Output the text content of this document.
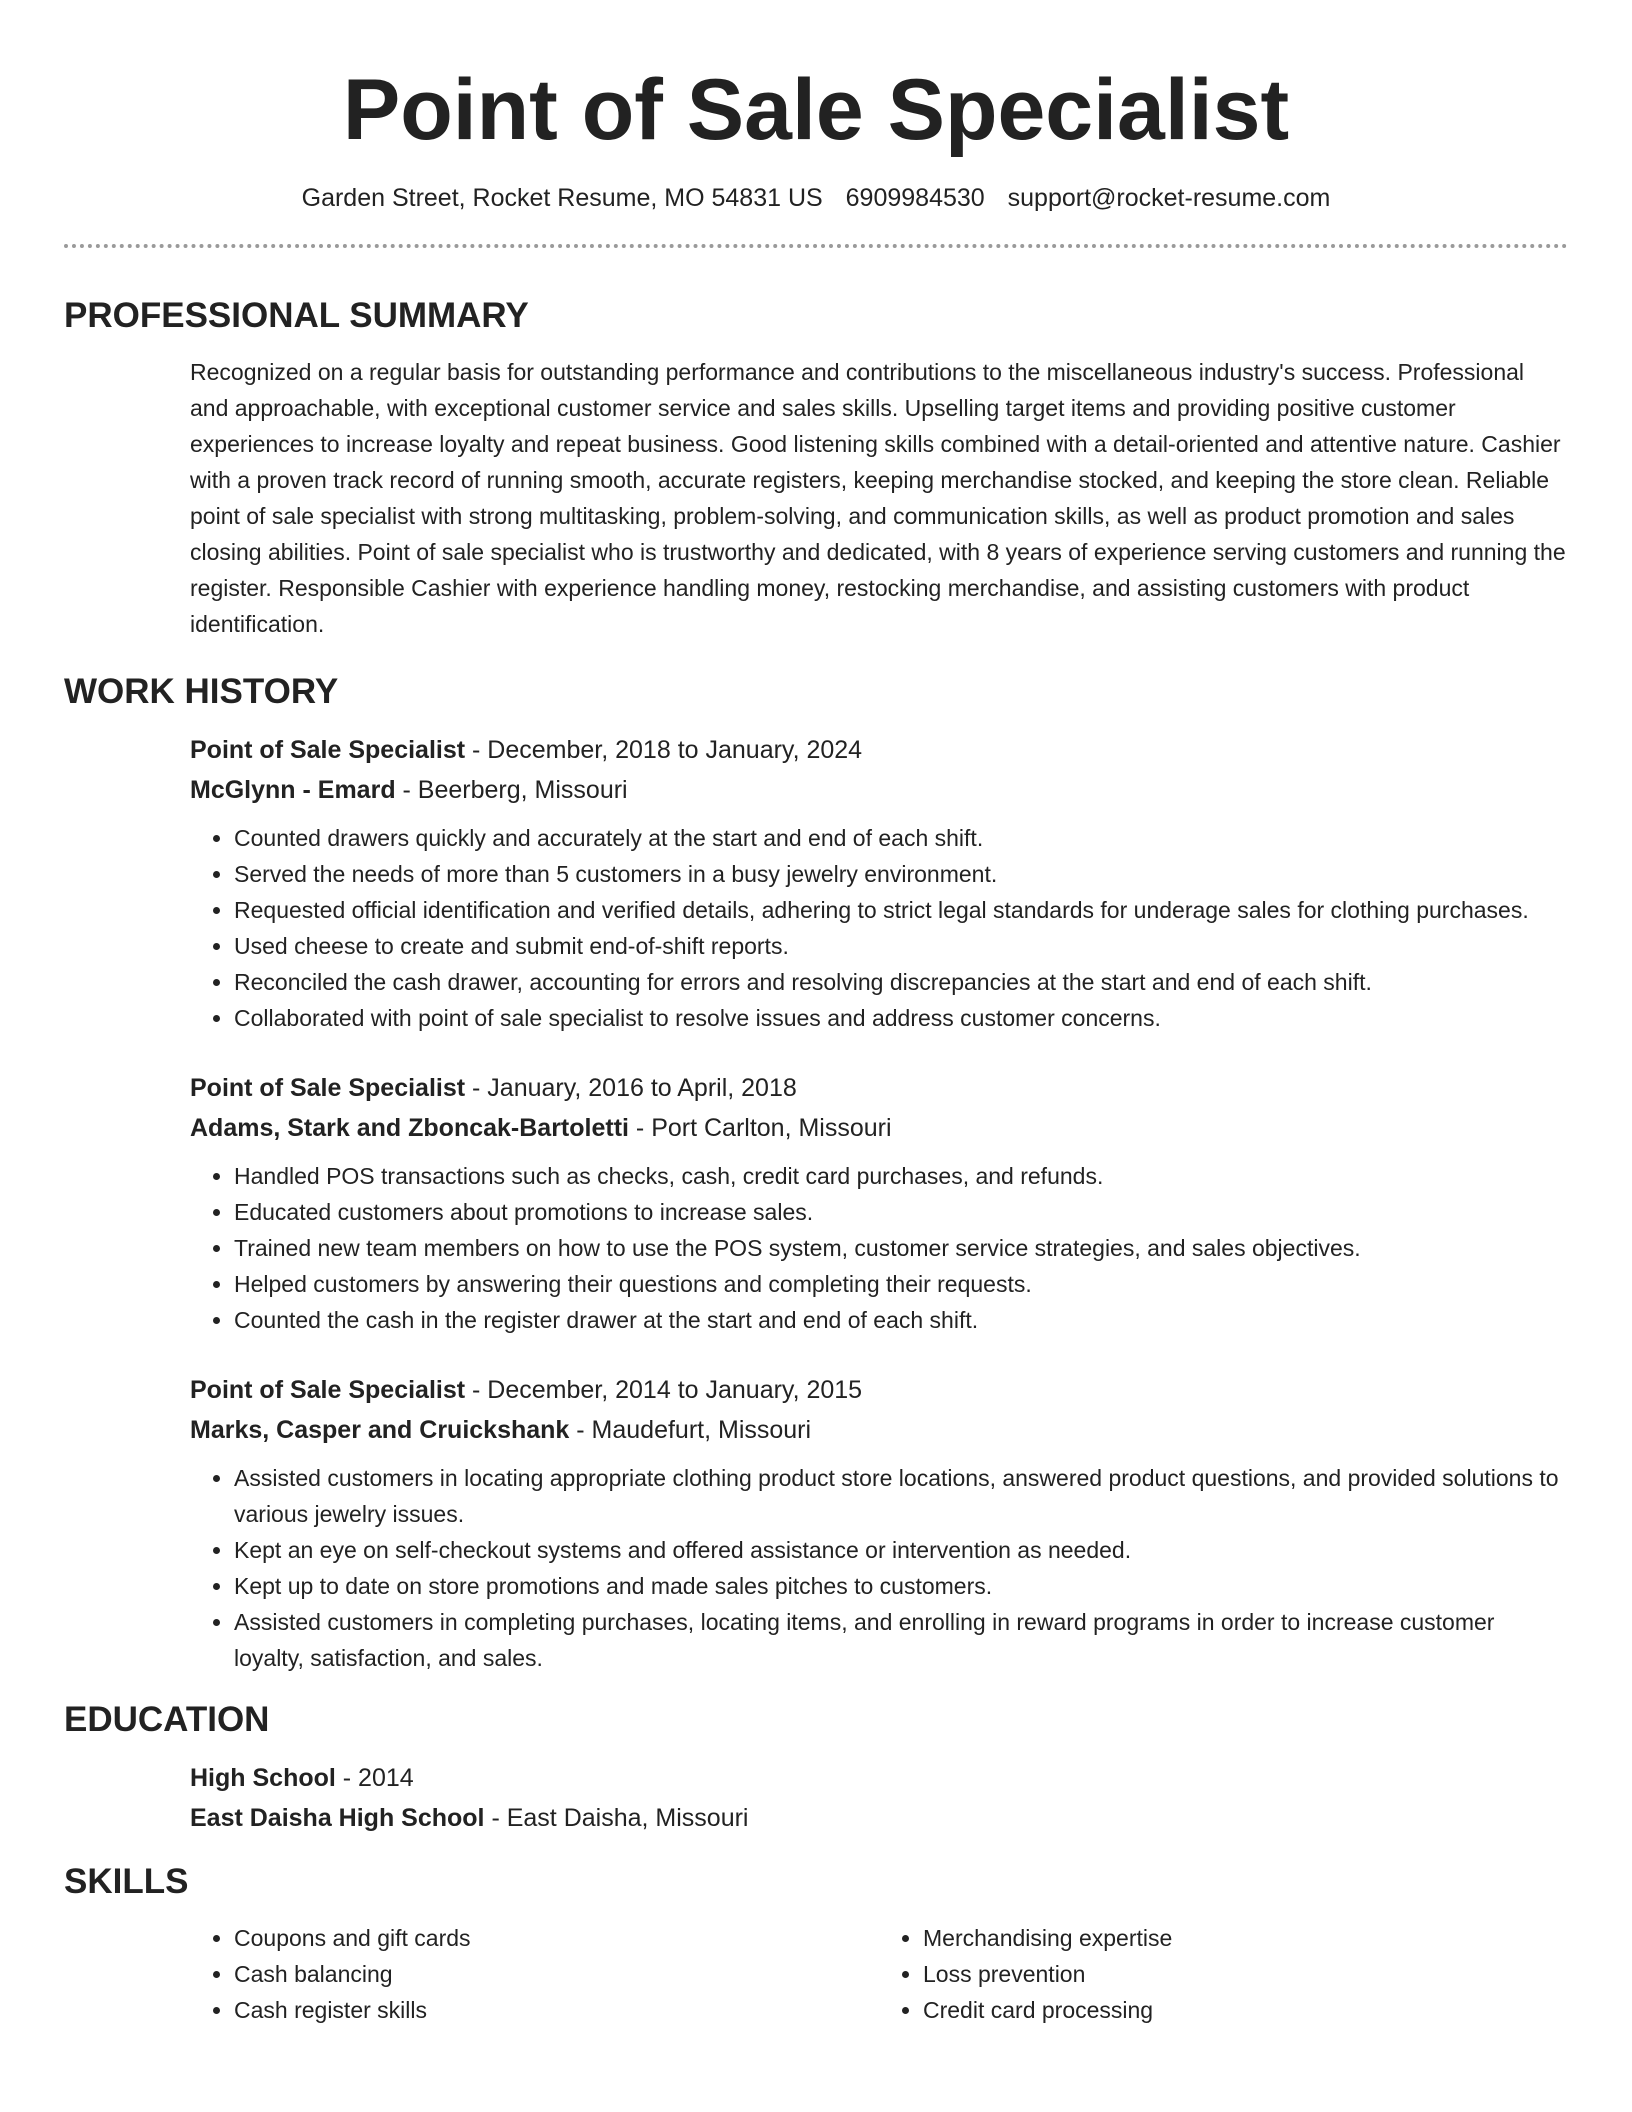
Point of Sale Specialist
Garden Street, Rocket Resume, MO 54831 US 6909984530 support@rocket-resume.com
PROFESSIONAL SUMMARY
Recognized on a regular basis for outstanding performance and contributions to the miscellaneous industry's success. Professional and approachable, with exceptional customer service and sales skills. Upselling target items and providing positive customer experiences to increase loyalty and repeat business. Good listening skills combined with a detail-oriented and attentive nature. Cashier with a proven track record of running smooth, accurate registers, keeping merchandise stocked, and keeping the store clean. Reliable point of sale specialist with strong multitasking, problem-solving, and communication skills, as well as product promotion and sales closing abilities. Point of sale specialist who is trustworthy and dedicated, with 8 years of experience serving customers and running the register. Responsible Cashier with experience handling money, restocking merchandise, and assisting customers with product identification.
WORK HISTORY
Point of Sale Specialist - December, 2018 to January, 2024
McGlynn - Emard - Beerberg, Missouri
• Counted drawers quickly and accurately at the start and end of each shift.
• Served the needs of more than 5 customers in a busy jewelry environment.
• Requested official identification and verified details, adhering to strict legal standards for underage sales for clothing purchases.
• Used cheese to create and submit end-of-shift reports.
• Reconciled the cash drawer, accounting for errors and resolving discrepancies at the start and end of each shift.
• Collaborated with point of sale specialist to resolve issues and address customer concerns.
Point of Sale Specialist - January, 2016 to April, 2018
Adams, Stark and Zboncak-Bartoletti - Port Carlton, Missouri
• Handled POS transactions such as checks, cash, credit card purchases, and refunds.
• Educated customers about promotions to increase sales.
• Trained new team members on how to use the POS system, customer service strategies, and sales objectives.
• Helped customers by answering their questions and completing their requests.
• Counted the cash in the register drawer at the start and end of each shift.
Point of Sale Specialist - December, 2014 to January, 2015
Marks, Casper and Cruickshank - Maudefurt, Missouri
• Assisted customers in locating appropriate clothing product store locations, answered product questions, and provided solutions to various jewelry issues.
• Kept an eye on self-checkout systems and offered assistance or intervention as needed.
• Kept up to date on store promotions and made sales pitches to customers.
• Assisted customers in completing purchases, locating items, and enrolling in reward programs in order to increase customer loyalty, satisfaction, and sales.
EDUCATION
High School - 2014
East Daisha High School - East Daisha, Missouri
SKILLS
• Coupons and gift cards
• Cash balancing
• Cash register skills
• Merchandising expertise
• Loss prevention
• Credit card processing
